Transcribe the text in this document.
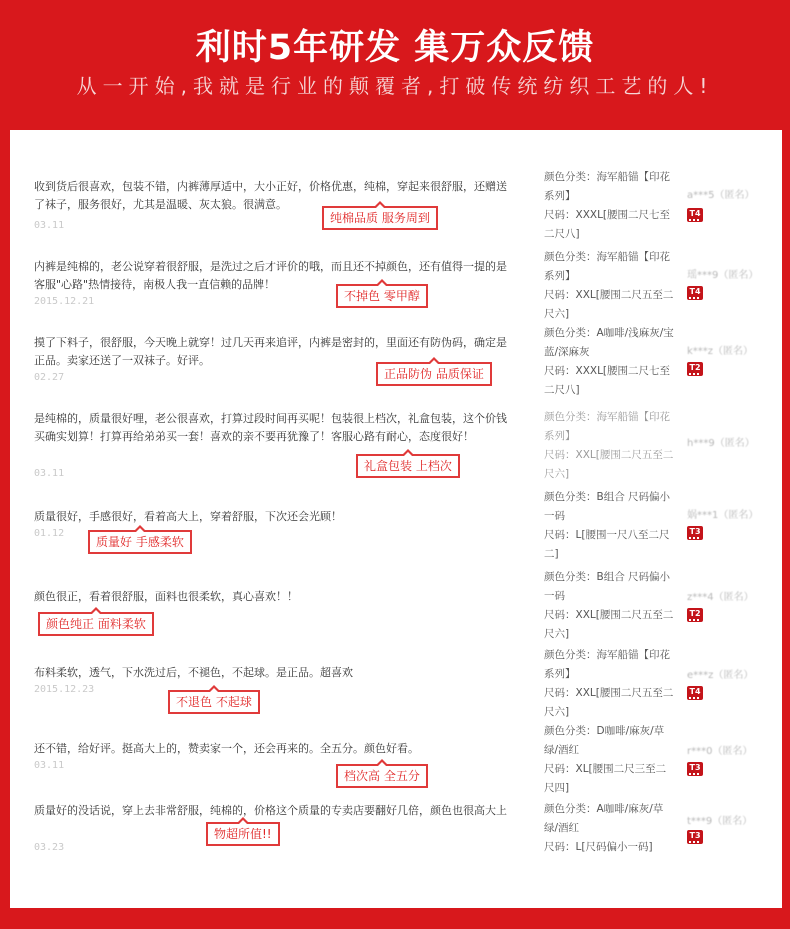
利时5年研发 集万众反馈
从一开始,我就是行业的颠覆者,打破传统纺织工艺的人!
收到货后很喜欢，包装不错，内裤薄厚适中，大小正好，价格优惠，纯棉，穿起来很舒服，还赠送了袜子，服务很好，尤其是温暖、灰太狼。很满意。
03.11
纯棉品质 服务周到
颜色分类：海军船锚【印花系列】
尺码：XXXL[腰围二尺七至二尺八]
a***5（匿名）
T4
内裤是纯棉的，老公说穿着很舒服，是洗过之后才评价的哦，而且还不掉颜色，还有值得一提的是客服"心路"热情接待，南极人我一直信赖的品牌！
2015.12.21	不掉色 零甲醇
颜色分类：海军船锚【印花系列】
尺码：XXL[腰围二尺五至二尺六]
瑶***9（匿名）
T4
摸了下料子，很舒服，今天晚上就穿！过几天再来追评，内裤是密封的，里面还有防伪码，确定是正品。卖家还送了一双袜子。好评。
02.27	正品防伪 品质保证
颜色分类：A咖啡/浅麻灰/宝蓝/深麻灰
尺码：XXXL[腰围二尺七至二尺八]
k***z（匿名）
T2
是纯棉的，质量很好哩，老公很喜欢，打算过段时间再买呢！包装很上档次，礼盒包装，这个价钱买确实划算！打算再给弟弟买一套！喜欢的亲不要再犹豫了！客服心路有耐心，态度很好！
03.11
礼盒包装 上档次
颜色分类：海军船锚【印花系列】
尺码：XXL[腰围二尺五至二尺六]
h***9（匿名）
质量很好，手感很好，看着高大上，穿着舒服，下次还会光顾！
01.12
质量好 手感柔软
颜色分类：B组合 尺码偏小一码
尺码：L[腰围一尺八至二尺二]
娲***1（匿名）
T3
颜色很正，看着很舒服，面料也很柔软，真心喜欢！！
颜色纯正 面料柔软
颜色分类：B组合 尺码偏小一码
尺码：XXL[腰围二尺五至二尺六]
z***4（匿名）
T2
布料柔软，透气，下水洗过后，不褪色，不起球。是正品。超喜欢
2015.12.23
不退色 不起球
颜色分类：海军船锚【印花系列】
尺码：XXL[腰围二尺五至二尺六]
e***z（匿名）
T4
还不错，给好评。挺高大上的，赞卖家一个，还会再来的。全五分。颜色好看。
03.11
档次高 全五分
颜色分类：D咖啡/麻灰/草绿/酒红
尺码：XL[腰围二尺三至二尺四]
r***0（匿名）
T3
质量好的没话说，穿上去非常舒服，纯棉的，价格这个质量的专卖店要翻好几倍，颜色也很高大上
03.23
物超所值!!
颜色分类：A咖啡/麻灰/草绿/酒红
尺码：L[尺码偏小一码]
t***9（匿名）
T3
